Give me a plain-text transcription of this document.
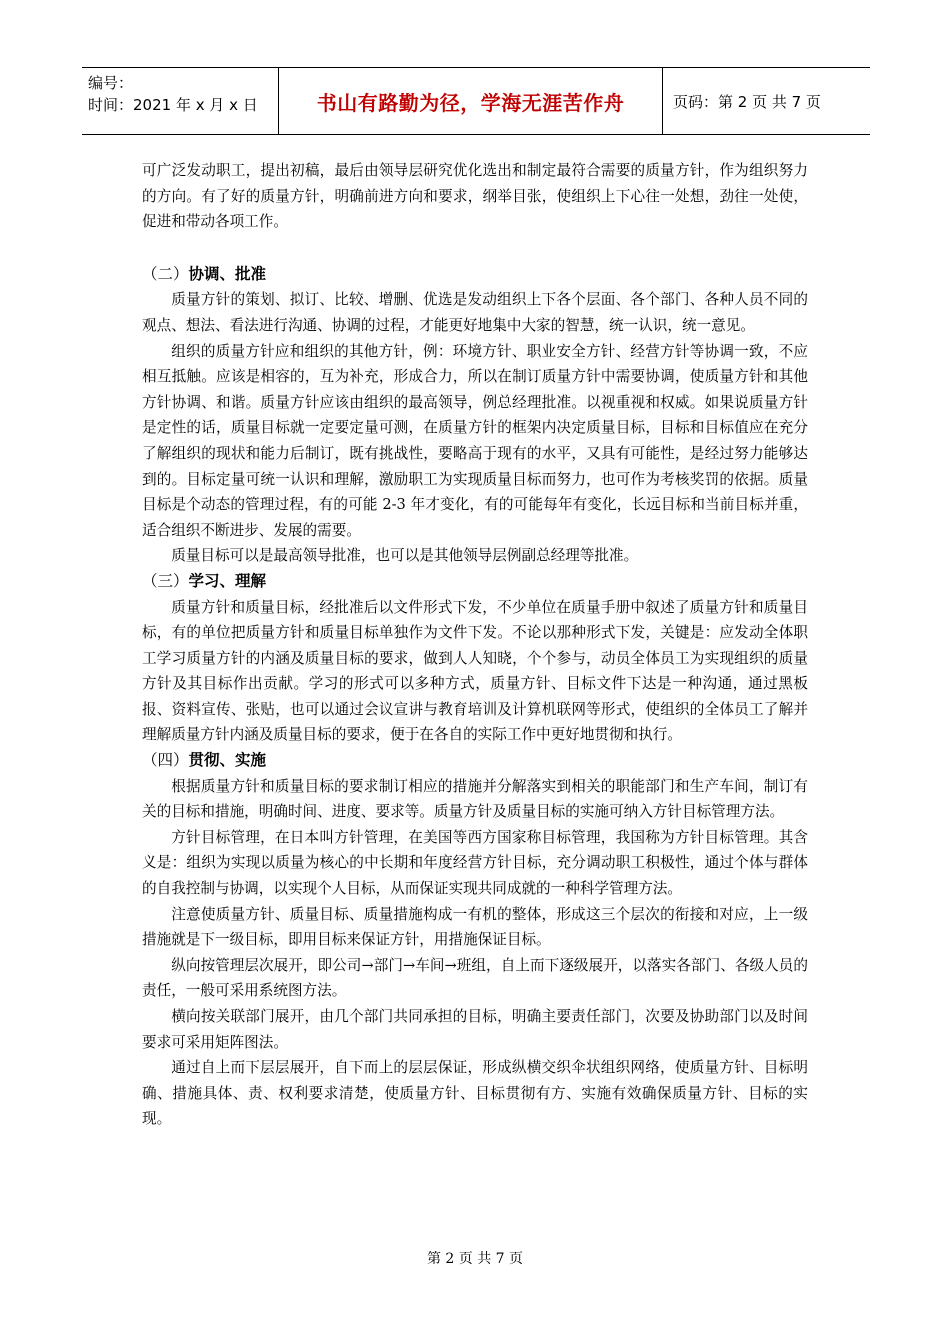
编号：
时间：2021 年 x 月 x 日	书山有路勤为径，学海无涯苦作舟	页码：第 2 页 共 7 页

可广泛发动职工，提出初稿，最后由领导层研究优化选出和制定最符合需要的质量方针，作为组织努力的方向。有了好的质量方针，明确前进方向和要求，纲举目张，使组织上下心往一处想，劲往一处使，促进和带动各项工作。

（二）协调、批准

质量方针的策划、拟订、比较、增删、优选是发动组织上下各个层面、各个部门、各种人员不同的观点、想法、看法进行沟通、协调的过程，才能更好地集中大家的智慧，统一认识，统一意见。

组织的质量方针应和组织的其他方针，例：环境方针、职业安全方针、经营方针等协调一致，不应相互抵触。应该是相容的，互为补充，形成合力，所以在制订质量方针中需要协调，使质量方针和其他方针协调、和谐。质量方针应该由组织的最高领导，例总经理批准。以视重视和权威。如果说质量方针是定性的话，质量目标就一定要定量可测，在质量方针的框架内决定质量目标，目标和目标值应在充分了解组织的现状和能力后制订，既有挑战性，要略高于现有的水平，又具有可能性，是经过努力能够达到的。目标定量可统一认识和理解，激励职工为实现质量目标而努力，也可作为考核奖罚的依据。质量目标是个动态的管理过程，有的可能 2-3 年才变化，有的可能每年有变化，长远目标和当前目标并重，适合组织不断进步、发展的需要。

质量目标可以是最高领导批准，也可以是其他领导层例副总经理等批准。

（三）学习、理解

质量方针和质量目标，经批准后以文件形式下发，不少单位在质量手册中叙述了质量方针和质量目标，有的单位把质量方针和质量目标单独作为文件下发。不论以那种形式下发，关键是：应发动全体职工学习质量方针的内涵及质量目标的要求，做到人人知晓，个个参与，动员全体员工为实现组织的质量方针及其目标作出贡献。学习的形式可以多种方式，质量方针、目标文件下达是一种沟通，通过黑板报、资料宣传、张贴，也可以通过会议宣讲与教育培训及计算机联网等形式，使组织的全体员工了解并理解质量方针内涵及质量目标的要求，便于在各自的实际工作中更好地贯彻和执行。

（四）贯彻、实施

根据质量方针和质量目标的要求制订相应的措施并分解落实到相关的职能部门和生产车间，制订有关的目标和措施，明确时间、进度、要求等。质量方针及质量目标的实施可纳入方针目标管理方法。

方针目标管理，在日本叫方针管理，在美国等西方国家称目标管理，我国称为方针目标管理。其含义是：组织为实现以质量为核心的中长期和年度经营方针目标，充分调动职工积极性，通过个体与群体的自我控制与协调，以实现个人目标，从而保证实现共同成就的一种科学管理方法。

注意使质量方针、质量目标、质量措施构成一有机的整体，形成这三个层次的衔接和对应，上一级措施就是下一级目标，即用目标来保证方针，用措施保证目标。

纵向按管理层次展开，即公司→部门→车间→班组，自上而下逐级展开，以落实各部门、各级人员的责任，一般可采用系统图方法。

横向按关联部门展开，由几个部门共同承担的目标，明确主要责任部门，次要及协助部门以及时间要求可采用矩阵图法。

通过自上而下层层展开，自下而上的层层保证，形成纵横交织伞状组织网络，使质量方针、目标明确、措施具体、责、权利要求清楚，使质量方针、目标贯彻有方、实施有效确保质量方针、目标的实现。

第 2 页 共 7 页
